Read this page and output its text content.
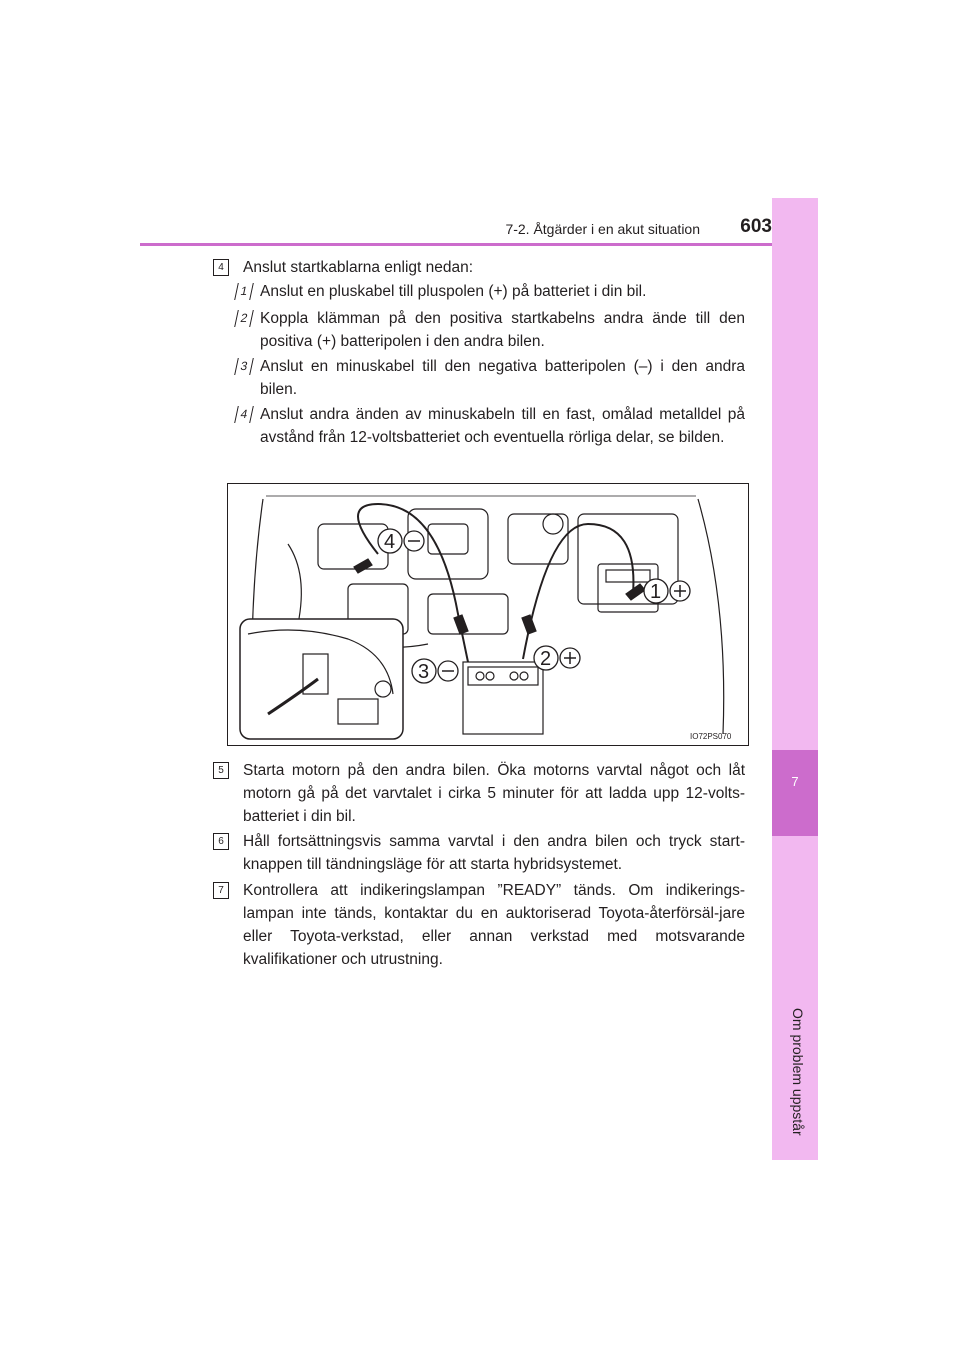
7-2. Åtgärder i en akut situation	603
7
Om problem uppstår
4	Anslut startkablarna enligt nedan:
1 Anslut en pluskabel till pluspolen (+) på batteriet i din bil.
2 Koppla klämman på den positiva startkabelns andra ände till den positiva (+) batteripolen i den andra bilen.
3 Anslut en minuskabel till den negativa batteripolen (–) i den andra bilen.
4 Anslut andra änden av minuskabeln till en fast, omålad metalldel på avstånd från 12-voltsbatteriet och eventuella rörliga delar, se bilden.
4
1
2
3
IO72PS070
5	Starta motorn på den andra bilen. Öka motorns varvtal något och låt motorn gå på det varvtalet i cirka 5 minuter för att ladda upp 12-volts-batteriet i din bil.
6	Håll fortsättningsvis samma varvtal i den andra bilen och tryck start-knappen till tändningsläge för att starta hybridsystemet.
7	Kontrollera att indikeringslampan ”READY” tänds. Om indikerings-lampan inte tänds, kontaktar du en auktoriserad Toyota-återförsäl-jare eller Toyota-verkstad, eller annan verkstad med motsvarande kvalifikationer och utrustning.
